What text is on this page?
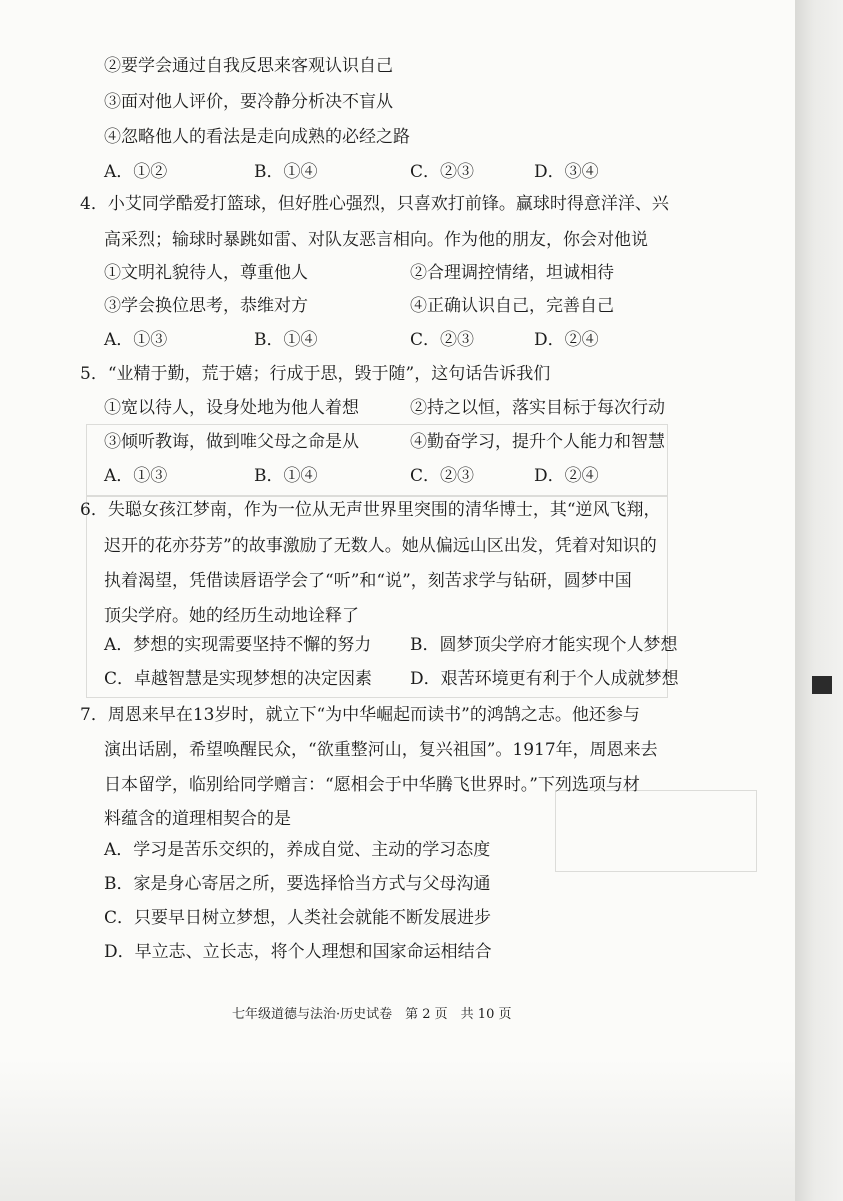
②要学会通过自我反思来客观认识自己
③面对他人评价，要冷静分析决不盲从
④忽略他人的看法是走向成熟的必经之路
A．①②	B．①④	C．②③	D．③④
4．小艾同学酷爱打篮球，但好胜心强烈，只喜欢打前锋。赢球时得意洋洋、兴
高采烈；输球时暴跳如雷、对队友恶言相向。作为他的朋友，你会对他说
①文明礼貌待人，尊重他人	②合理调控情绪，坦诚相待
③学会换位思考，恭维对方	④正确认识自己，完善自己
A．①③	B．①④	C．②③	D．②④
5．“业精于勤，荒于嬉；行成于思，毁于随”，这句话告诉我们
①宽以待人，设身处地为他人着想	②持之以恒，落实目标于每次行动
③倾听教诲，做到唯父母之命是从	④勤奋学习，提升个人能力和智慧
A．①③	B．①④	C．②③	D．②④
6．失聪女孩江梦南，作为一位从无声世界里突围的清华博士，其“逆风飞翔，
迟开的花亦芬芳”的故事激励了无数人。她从偏远山区出发，凭着对知识的
执着渴望，凭借读唇语学会了“听”和“说”，刻苦求学与钻研，圆梦中国
顶尖学府。她的经历生动地诠释了
A．梦想的实现需要坚持不懈的努力 B．圆梦顶尖学府才能实现个人梦想
C．卓越智慧是实现梦想的决定因素 D．艰苦环境更有利于个人成就梦想
7．周恩来早在13岁时，就立下“为中华崛起而读书”的鸿鹄之志。他还参与
演出话剧，希望唤醒民众，“欲重整河山，复兴祖国”。1917年，周恩来去
日本留学，临别给同学赠言：“愿相会于中华腾飞世界时。”下列选项与材
料蕴含的道理相契合的是
A．学习是苦乐交织的，养成自觉、主动的学习态度
B．家是身心寄居之所，要选择恰当方式与父母沟通
C．只要早日树立梦想，人类社会就能不断发展进步
D．早立志、立长志，将个人理想和国家命运相结合
七年级道德与法治·历史试卷　第 2 页　共 10 页
